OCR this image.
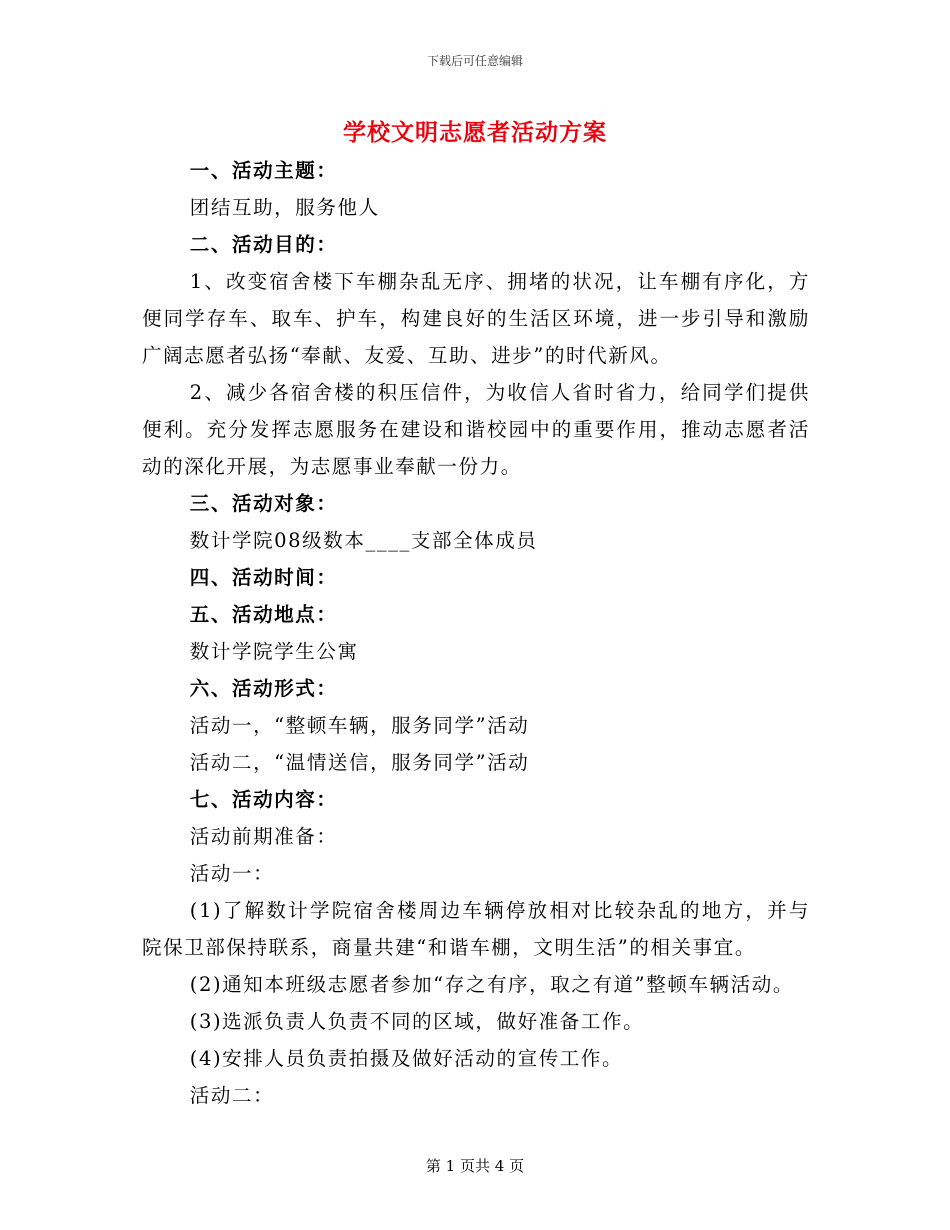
下载后可任意编辑
学校文明志愿者活动方案

一、活动主题：

团结互助，服务他人

二、活动目的：

1、改变宿舍楼下车棚杂乱无序、拥堵的状况，让车棚有序化，方便同学存车、取车、护车，构建良好的生活区环境，进一步引导和激励广阔志愿者弘扬“奉献、友爱、互助、进步”的时代新风。

2、减少各宿舍楼的积压信件，为收信人省时省力，给同学们提供便利。充分发挥志愿服务在建设和谐校园中的重要作用，推动志愿者活动的深化开展，为志愿事业奉献一份力。

三、活动对象：

数计学院08级数本____支部全体成员

四、活动时间：

五、活动地点：

数计学院学生公寓

六、活动形式：

活动一，“整顿车辆，服务同学”活动

活动二，“温情送信，服务同学”活动

七、活动内容：

活动前期准备：

活动一：

(1)了解数计学院宿舍楼周边车辆停放相对比较杂乱的地方，并与院保卫部保持联系，商量共建“和谐车棚，文明生活”的相关事宜。

(2)通知本班级志愿者参加“存之有序，取之有道”整顿车辆活动。

(3)选派负责人负责不同的区域，做好准备工作。

(4)安排人员负责拍摄及做好活动的宣传工作。

活动二：

第 1 页共 4 页
